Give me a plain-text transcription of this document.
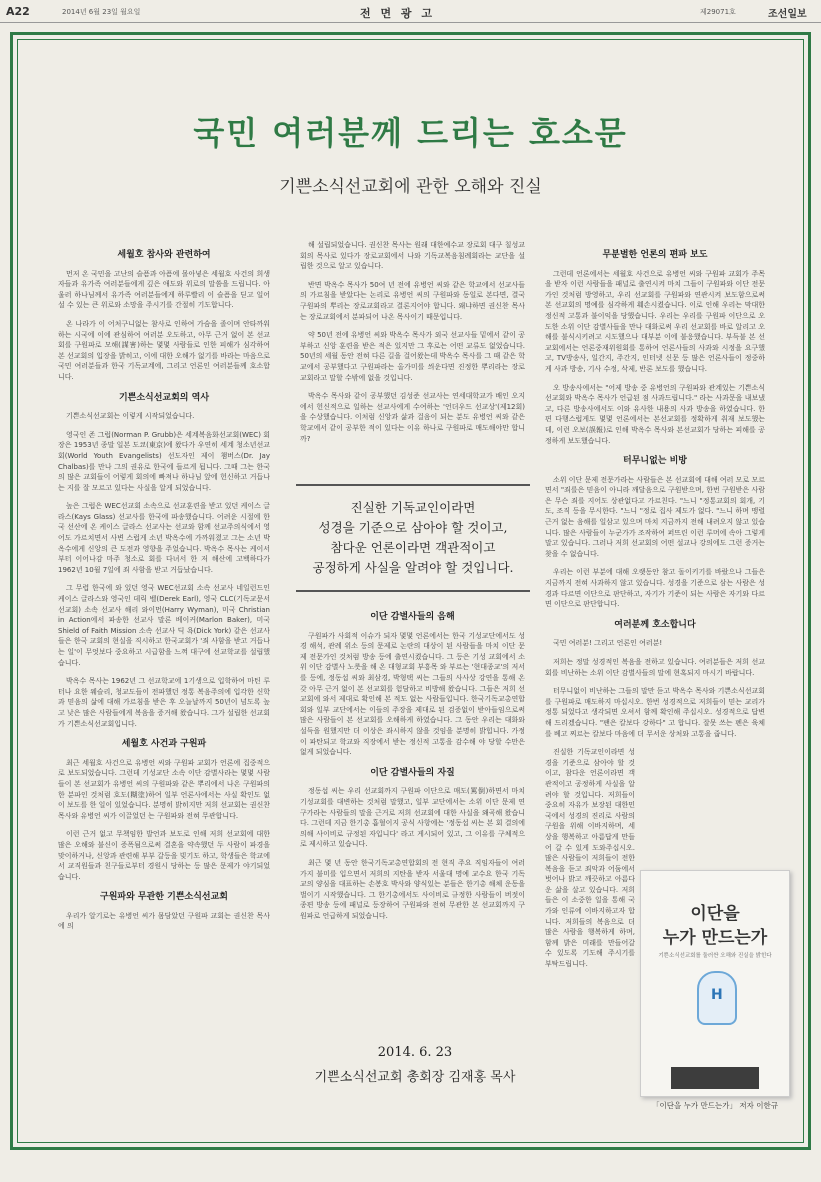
A22	2014년 6월 23일 월요일	전 면 광 고	제29071호	조선일보
국민 여러분께 드리는 호소문
기쁜소식선교회에 관한 오해와 진실
세월호 참사와 관련하여

먼저 온 국민을 고난의 슬픔과 아픔에 몰아넣은 세월호 사건의 희생자들과 유가족 여러분들에게 깊은 애도와 위로의 말씀을 드립니다. 아울러 하나님께서 유가족 여러분들에게 하루빨리 이 슬픔을 딛고 일어설 수 있는 큰 위로와 소망을 주시기를 간절히 기도합니다.

온 나라가 이 어처구니없는 참사로 인하여 가슴을 졸이며 안타까워하는 시국에 이에 관심하여 여러분 오도하고, 아무 근거 없이 본 선교회를 구원파로 모해(謀害)하는 몇몇 사람들로 인한 피해가 심각하여 본 선교회의 입장을 밝히고, 이에 대한 오해가 없기를 바라는 마음으로 국민 여러분들과 한국 기독교계에, 그리고 언론인 여러분들께 호소합니다.

기쁜소식선교회의 역사

기쁜소식선교회는 이렇게 시작되었습니다.

영국인 존 그럽(Norman P. Grubb)은 세계복음화선교회(WEC) 회장은 1953년 종말 일본 도쿄(東京)에 왔다가 우연히 세계 청소년선교회(World Youth Evangelists) 선도자인 제이 챔버스(Dr. Jay Chalbas)를 만나 그의 권유로 한국에 들르게 됩니다. 그때 그는 한국의 많은 교회들이 어렇게 회의에 빠져나 하나님 앞에 헌신하고 거듭나는 지를 잘 모르고 있다는 사실을 알게 되었습니다.

높은 그럽은 WEC선교회 소속으로 선교훈련을 받고 있던 케이스 글라스(Kays Glass) 선교사를 한국에 파송했습니다. 어려운 시절에 한국 선산에 온 케이스 글라스 선교사는 선교와 함께 선교주의식에서 영어도 가르치면서 사변 스럽게 소년 박옥수에 가까워졌고 그는 소년 박옥수에게 신앙의 큰 도전과 영향을 주었습니다. 박옥수 목사는 케이서부터 이어나감 마주 청소로 회를 다녀서 한 저 해산에 고백하다가 1962년 10월 7일에 죄 사함을 받고 거듭났습니다.

그 무렵 한국에 와 있던 영국 WEC선교회 소속 선교사 네일런드인 케이스 글라스와 영국인 데릭 벨(Derek Earl), 영국 CLC(기독교문서선교회) 소속 선교사 해리 와이먼(Harry Wyman), 미국 Christian in Action에서 파송한 선교사 말론 베이커(Marlon Baker), 미국 Shield of Faith Mission 소속 선교사 딕 욕(Dick York) 같은 선교사들은 한국 교회의 현실을 직시하고 한국교회가 '죄 사함을 받고 거듭나는 일'이 무엇보다 중요하고 시급함을 느껴 대구에 선교학교를 설립했습니다.

박옥수 목사는 1962년 그 선교학교에 1기생으로 입학하여 마틴 루터나 요한 웨슬리, 청교도들이 전파했던 정통 복음주의에 입각한 신학과 믿음의 삶에 대해 가르침을 받은 후 오늘날까지 50년이 넘도록 높고 낮은 많은 사람들에게 복음을 증거해 왔습니다. 그가 설립한 선교회가 기쁜소식선교회입니다.

세월호 사건과 구원파

최근 세월호 사건으로 유병언 씨와 구원파 교회가 언론에 집중적으로 보도되었습니다. 그런데 기성교단 소속 이단 감별사라는 몇몇 사람들이 본 선교회가 유병언 씨의 구원파와 같은 뿌리에서 나온 구원파의 한 분파인 것처럼 호도(糊塗)하여 일부 언론사에서는 사실 확인도 없이 보도를 한 일이 있었습니다. 분명히 밝히지만 저희 선교회는 권신찬 목사와 유병언 씨가 이끌었던 는 구원파와 전혀 무관합니다.

이런 근거 없고 무책임한 발언과 보도로 인해 저희 선교회에 대한 많은 오해와 불신이 증폭됨으로써 결혼을 약속했던 두 사람이 파경을 맞이하거나, 신앙과 관련해 부부 갈등을 빚기도 하고, 학생들은 학교에서 교직원들과 친구들로부터 경원시 당하는 등 많은 문제가 야기되었습니다.

구원파와 무관한 기쁜소식선교회

우리가 알기로는 유병언 씨가 몸담았던 구원파 교회는 권신찬 목사에 의

해 설립되었습니다. 권신찬 목사는 원래 대한예수교 장로회 대구 칠성교회의 목사로 있다가 장로교회에서 나와 기독교복음침례회라는 교단을 설립한 것으로 알고 있습니다.

반면 박옥수 목사가 50여 년 전에 유병언 씨와 같은 학교에서 선교사들의 가르침을 받았다는 논리로 유병언 씨의 구원파와 동일로 본다면, 결국 구원파의 뿌리는 장로교회라고 결론지어야 합니다. 왜냐하면 권신찬 목사는 장로교회에서 분파되어 나온 목사이기 때문입니다.

약 50년 전에 유병언 씨와 박옥수 목사가 외국 선교사들 밑에서 같이 공부하고 신앙 훈련을 받은 적은 있지만 그 후로는 어떤 교류도 없었습니다. 50년의 세월 동안 전혀 다른 길을 걸어왔는데 박옥수 목사를 그 때 같은 학교에서 공부했다고 구원파라는 올가미를 씌운다면 진정한 뿌리라는 장로교회라고 말할 수밖에 없을 것입니다.

박옥수 목사와 같이 공부했던 김성준 선교사는 연세대학교가 배인 오지에서 헌신적으로 일하는 선교사에게 수여하는 '언더우드 선교상'(제12회)을 수상했습니다. 이처럼 신앙과 삶과 걸음이 되는 분도 유병언 씨와 같은 학교에서 같이 공부한 적이 있다는 이유 하나로 구원파로 매도해야만 합니까?

이단 감별사들의 음해

구원파가 사회적 이슈가 되자 몇몇 언론에서는 한국 기성교단에서도 성경 해석, 관례 위소 등의 문제로 논란의 대상이 된 사람들을 마치 이단 문제 전문가인 것처럼 방송 등에 출연시켰습니다. 그 등은 기성 교회에서 소위 이단 감별사 노릇을 해 온 대형교회 부흥목 와 부르는 '현대종교'의 저서를 등에, 정동섭 씨와 최삼경, 박형택 씨는 그들의 사사상 강연을 통해 온갖 아무 근거 없이 본 선교회를 험담하고 비방해 왔습니다. 그들은 저희 선교회에 와서 제대로 확인해 본 적도 없는 사람들입니다. 한국기독교총연합회와 일부 교단에서는 이들의 주장을 제대로 된 검증없이 받아들임으로써 많은 사람들이 본 선교회를 오해하게 하였습니다. 그 동안 우리는 대화와 설득을 원했지만 더 이상은 좌시하지 않을 것임을 분명히 밝힙니다. 가정이 파탄되고 학교와 직장에서 받는 정신적 고통을 감수해 야 당할 수만은 없게 되었습니다.

이단 감별사들의 자질

정동섭 씨는 우리 선교회까지 구원파 이단으로 매도(罵倒)하면서 마치 기성교회를 대변하는 것처럼 말했고, 일부 교단에서는 소위 이단 문제 연구가라는 사람들의 말을 근거로 저희 선교회에 대한 사실을 왜곡해 왔습니다. 그런데 지금 한기총 흡혈이지 공식 사항에는 '정동섭 씨는 본 회 결의에 의해 사이비로 규정된 자입니다' 라고 게시되어 있고, 그 이유를 구체적으로 제시하고 있습니다.

최근 몇 년 동안 한국기독교총연합회의 전 현직 주요 직임자들이 여러 가지 불미를 입으면서 저희의 지탄을 받자 서울대 명예 교수요 한국 기독교의 양심을 대표하는 손봉호 박사와 양식있는 분들은 한기총 해체 운동을 벌이기 시작했습니다. 그 한기총에서도 사이비로 규정한 사람들이 버젓이 종편 방송 등에 패널로 등장하여 구원파와 전혀 무관한 본 선교회까지 구원파로 언급하게 되었습니다.

진실한 기독교인이라면
성경을 기준으로 삼아야 할 것이고,
참다운 언론이라면 객관적이고
공정하게 사실을 알려야 할 것입니다.
무분별한 언론의 편파 보도

그런데 언론에서는 세월호 사건으로 유병언 씨와 구원파 교회가 주목을 받자 이런 사람들을 패널로 출연시켜 마치 그들이 구원파와 이단 전문가인 것처럼 방영하고, 우리 선교회를 구원파와 연관시켜 보도함으로써 본 선교회의 명예를 심각하게 훼손시켰습니다. 이로 인해 우리는 막대한 정신적 고통과 불이익을 당했습니다. 우리는 우리를 구원파 이단으로 오도한 소위 이단 감별사들을 만나 대화로써 우리 선교회를 바로 알리고 오해를 불식시키려고 시도했으나 대부분 이에 불응했습니다. 부득불 본 선교회에서는 언론중재위원회를 통하여 언론사들의 사과와 시정을 요구했고, TV방송사, 일간지, 주간지, 인터넷 신문 등 많은 언론사들이 정중하게 사과 방송, 기사 수정, 삭제, 반론 보도를 했습니다.

오 방송사에서는 "어제 방송 중 유병언의 구원파와 관계있는 기쁜소식선교회와 박옥수 목사가 언급된 점 사과드립니다." 라는 사과문을 내보냈고, 다른 방송사에서도 이와 유사한 내용의 사과 방송을 하였습니다. 한편 다행스럽게도 몇몇 언론에서는 본선교회를 정확하게 취재 보도했는데, 이런 오보(誤報)로 인해 박옥수 목사와 본선교회가 당하는 피해를 공정하게 보도했습니다.

터무니없는 비방

소위 이단 문제 전문가라는 사람들은 본 선교회에 대해 여러 모로 모르면서 "죄를은 믿음이 아니라 깨달음으로 구원받으며, 한번 구원받은 사람은 무슨 죄를 지어도 상관없다고 가르친다. "느니 "정통교회의 회개, 기도, 조직 등을 무시한다. "느니 "정로 집사 제도가 없다. "느니 하며 맹렬 근거 없는 음해를 일삼고 있으며 마치 지금까지 전해 내려오지 않고 있습니다. 많은 사람들이 누군가가 조작하여 퍼뜨린 이런 루머에 속아 그렇게 말고 있습니다. 그러나 저희 선교회의 어떤 설교나 강의에도 그런 증거는 찾을 수 없습니다.

우리는 이런 부분에 대해 오랫동안 참고 돌이키기를 바랐으나 그들은 지금까지 전혀 사과하지 않고 있습니다. 성경을 기준으로 삼는 사람은 성경과 다르면 이단으로 판단하고, 자기가 기준이 되는 사람은 자기와 다르면 이단으로 판단합니다.

여러분께 호소합니다

국민 여러분! 그리고 언론인 여러분!

저희는 정말 성경적인 복음을 전하고 있습니다. 여러분들은 저희 선교회를 비난하는 소위 이단 감별사들의 말에 현혹되지 마시기 바랍니다.

터무니없이 비난하는 그들의 말만 듣고 박옥수 목사와 기쁜소식선교회를 구원파로 매도하지 마십시오. 한번 성경적으로 저희들이 믿는 교리가 정통 되었다고 생각되면 오셔서 함께 확인해 주십시오. 성경적으로 답변해 드리겠습니다. "팬은 칼보다 강하다" 고 합니다. 잘못 쓰는 펜은 육체를 베고 찌르는 칼보다 마음에 더 무서운 상처와 고통을 줍니다.

진실한 기독교인이라면 성경을 기준으로 삼아야 할 것이고, 참다운 언론이라면 객관적이고 공정하게 사실을 알려야 할 것입니다. 저희들이 중요히 자유가 보장된 대한민국에서 성경의 진리로 사람의 구원을 위해 이바지하며, 세상을 행복하고 아름답게 만들어 갈 수 있게 도와주십시오. 많은 사람들이 저희들이 전한 복음을 듣고 죄악과 어둠에서 벗어나 밝고 깨끗하고 아름다운 삶을 살고 있습니다. 저희들은 이 소중한 일을 통해 국가와 인류에 이바지하고자 합니다. 저희들의 복음으로 더 많은 사람을 행복하게 하며, 함께 밝은 미래를 만들어갈 수 있도록 기도해 주시기를 부탁드립니다.

이단을
누가 만드는가
기쁜소식선교회를 둘러싼 오해와 진실을 밝힌다
H
「이단을 누가 만드는가」 저자 이한규
2014. 6. 23
기쁜소식선교회 총회장 김재홍 목사
